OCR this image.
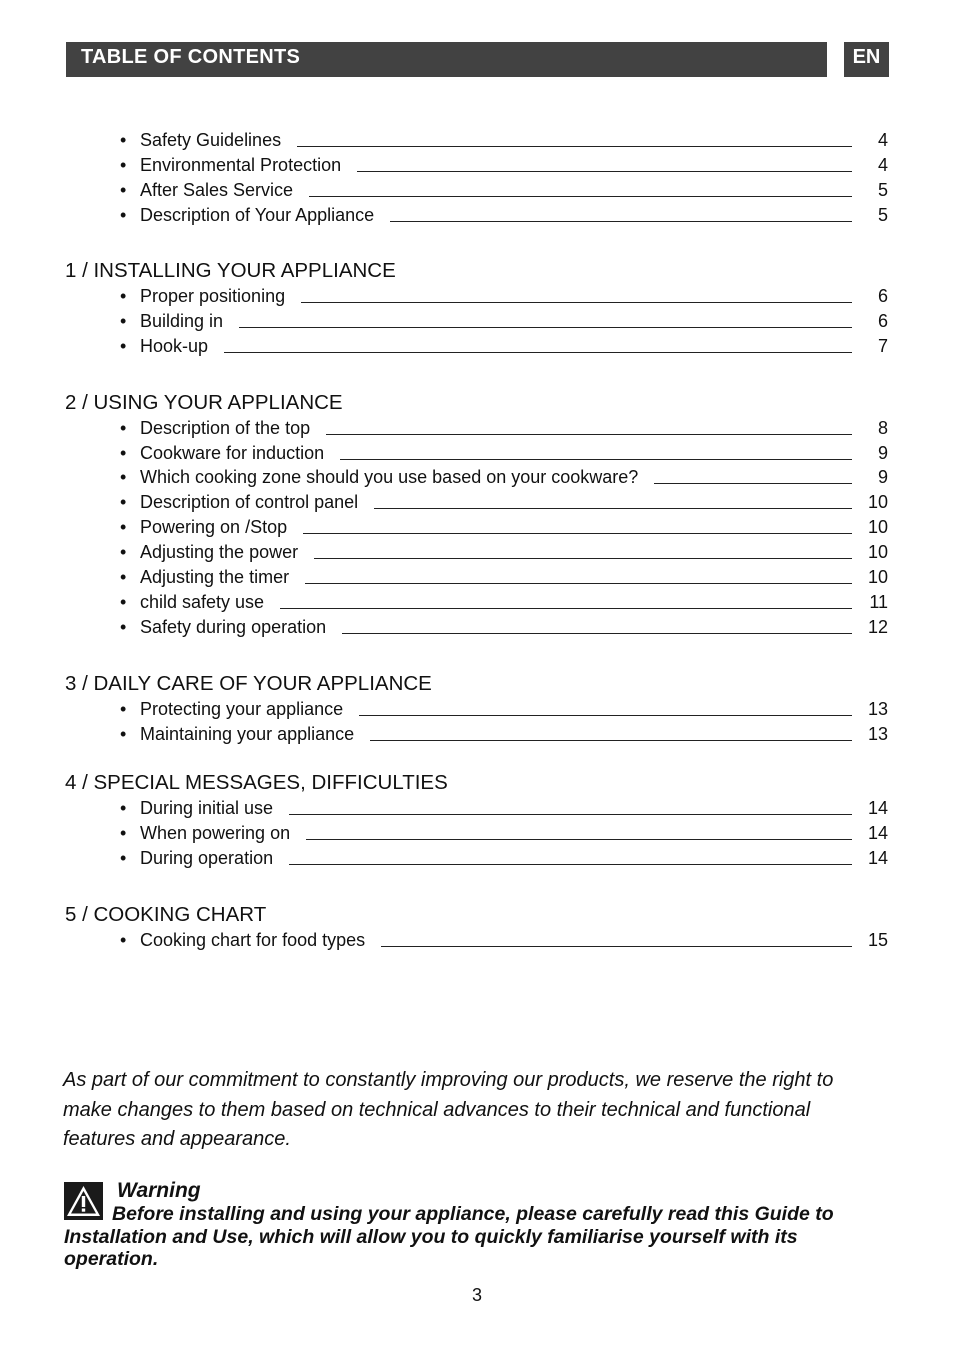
TABLE OF CONTENTS	EN
• Safety Guidelines	4
• Environmental Protection	4
• After Sales Service	5
• Description of Your Appliance	5
1 / INSTALLING YOUR APPLIANCE
• Proper positioning	6
• Building in	6
• Hook-up	7
2 / USING YOUR APPLIANCE
• Description of the top	8
• Cookware for induction	9
• Which cooking zone should you use based on your cookware?	9
• Description of control panel	10
• Powering on /Stop	10
• Adjusting the power	10
• Adjusting the timer	10
• child safety use	11
• Safety during operation	12
3 / DAILY CARE OF YOUR APPLIANCE
• Protecting your appliance	13
• Maintaining your appliance	13
4 / SPECIAL MESSAGES, DIFFICULTIES
• During initial use	14
• When powering on	14
• During operation	14
5 / COOKING CHART
• Cooking chart for food types	15
As part of our commitment to constantly improving our products, we reserve the right to make changes to them based on technical advances to their technical and functional features and appearance.
Warning
Before installing and using your appliance, please carefully read this Guide to Installation and Use, which will allow you to quickly familiarise yourself with its operation.
3
